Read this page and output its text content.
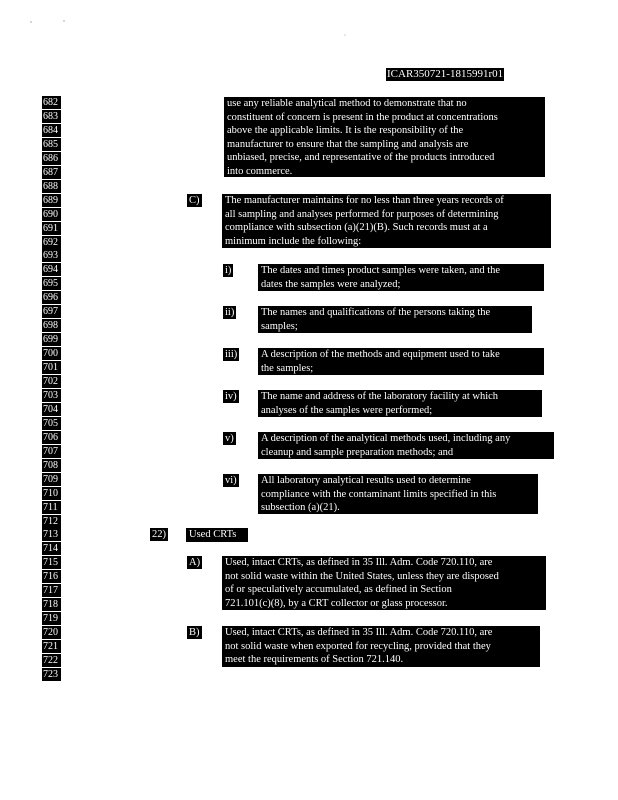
ICAR350721-1815991r01
682
683
684
685
686
687
688
689
690
691
692
693
694
695
696
697
698
699
700
701
702
703
704
705
706
707
708
709
710
711
712
713
714
715
716
717
718
719
720
721
722
723
use any reliable analytical method to demonstrate that no
constituent of concern is present in the product at concentrations
above the applicable limits. It is the responsibility of the
manufacturer to ensure that the sampling and analysis are
unbiased, precise, and representative of the products introduced
into commerce.
C) The manufacturer maintains for no less than three years records of
all sampling and analyses performed for purposes of determining
compliance with subsection (a)(21)(B). Such records must at a
minimum include the following:
i)	The dates and times product samples were taken, and the
dates the samples were analyzed;
ii)	The names and qualifications of the persons taking the
samples;
iii) A description of the methods and equipment used to take
the samples;
iv) The name and address of the laboratory facility at which
analyses of the samples were performed;
v)	A description of the analytical methods used, including any
cleanup and sample preparation methods; and
vi) All laboratory analytical results used to determine
compliance with the contaminant limits specified in this
subsection (a)(21).
22) Used CRTs
A) Used, intact CRTs, as defined in 35 Ill. Adm. Code 720.110, are
not solid waste within the United States, unless they are disposed
of or speculatively accumulated, as defined in Section
721.101(c)(8), by a CRT collector or glass processor.
B) Used, intact CRTs, as defined in 35 Ill. Adm. Code 720.110, are
not solid waste when exported for recycling, provided that they
meet the requirements of Section 721.140.
